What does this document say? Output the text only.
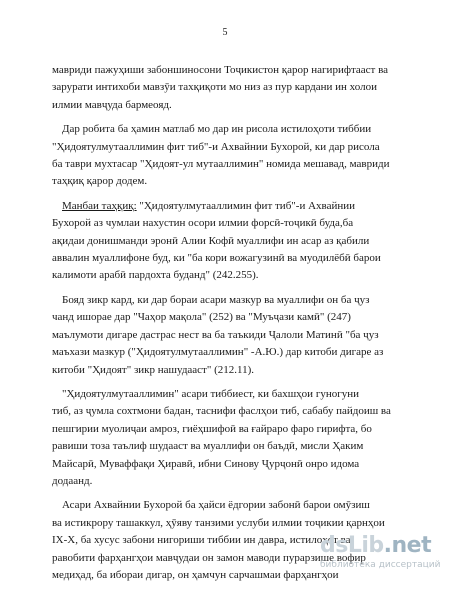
5
мавриди пажуҳиши забоншиносони Тоҷикистон қарор нагирифтааст ва
зарурати интихоби мавзӯи тахқиқоти мо низ аз пур кардани ин холои
илмии мавҷуда бармеояд.
Дар робита ба ҳамин матлаб мо дар ин рисола истилоҳоти тиббии
"Ҳидоятулмутааллимин фит тиб"-и Ахвайнии Бухорой, ки дар рисола
ба таври мухтасар "Ҳидоят-ул мутааллимин" номида мешавад, мавриди
таҳқиқ қарор додем.
Манбаи таҳқиқ: "Ҳидоятулмутааллимин фит тиб"-и Ахвайнии
Бухорой аз чумлаи нахустин осори илмии форсӣ-тоҷикӣ буда,ба
ақидаи донишманди эронӣ Алии Кофӣ муаллифи ин асар аз қабили
аввалин муаллифоне буд, ки "ба кори вожагузинӣ ва муодилёбӣ барои
калимоти арабӣ пардохта буданд" (242.255).
Бояд зикр кард, ки дар бораи асари мазкур ва муаллифи он ба ҷуз
чанд ишорае дар "Чаҳор мақола" (252) ва "Муъҷази камӣ" (247)
маълумоти дигаре дастрас нест ва ба таъкиди Ҷалоли Матинӣ "ба ҷуз
маъхази мазкур ("Ҳидоятулмутааллимин" -А.Ю.) дар китоби дигаре аз
китоби "Ҳидоят" зикр нашудааст" (212.11).
"Ҳидоятулмутааллимин" асари тиббиест, ки бахшҳои гуногуни
тиб, аз ҷумла сохтмони бадан, таснифи фаслҳои тиб, сабабу пайдоиш ва
пешгирии муолиҷаи амроз, гиёҳшифоӣ ва ғайраро фаро гирифта, бо
равиши тоза таълиф шудааст ва муаллифи он баъдӣ, мисли Ҳаким
Майсарӣ, Муваффақи Ҳиравӣ, ибни Синову Ҷурҷонӣ онро идома
додаанд.
Асари Ахвайнии Бухорой ба ҳайси ёдгории забонӣ барои омӯзиш
ва истикрору ташаккул, ҳӯяву танзими услуби илмии тоҷикии қарнҳои
IX-X, ба хусус забони нигориши тиббии ин давра, истилоҳот ва
равобити фарҳангҳои мавҷудаи он замон маводи пурарзише вофир
медиҳад, ба ибораи дигар, он ҳамчун сарчашмаи фарҳангҳои
dsLib.net
библиотека диссертаций
